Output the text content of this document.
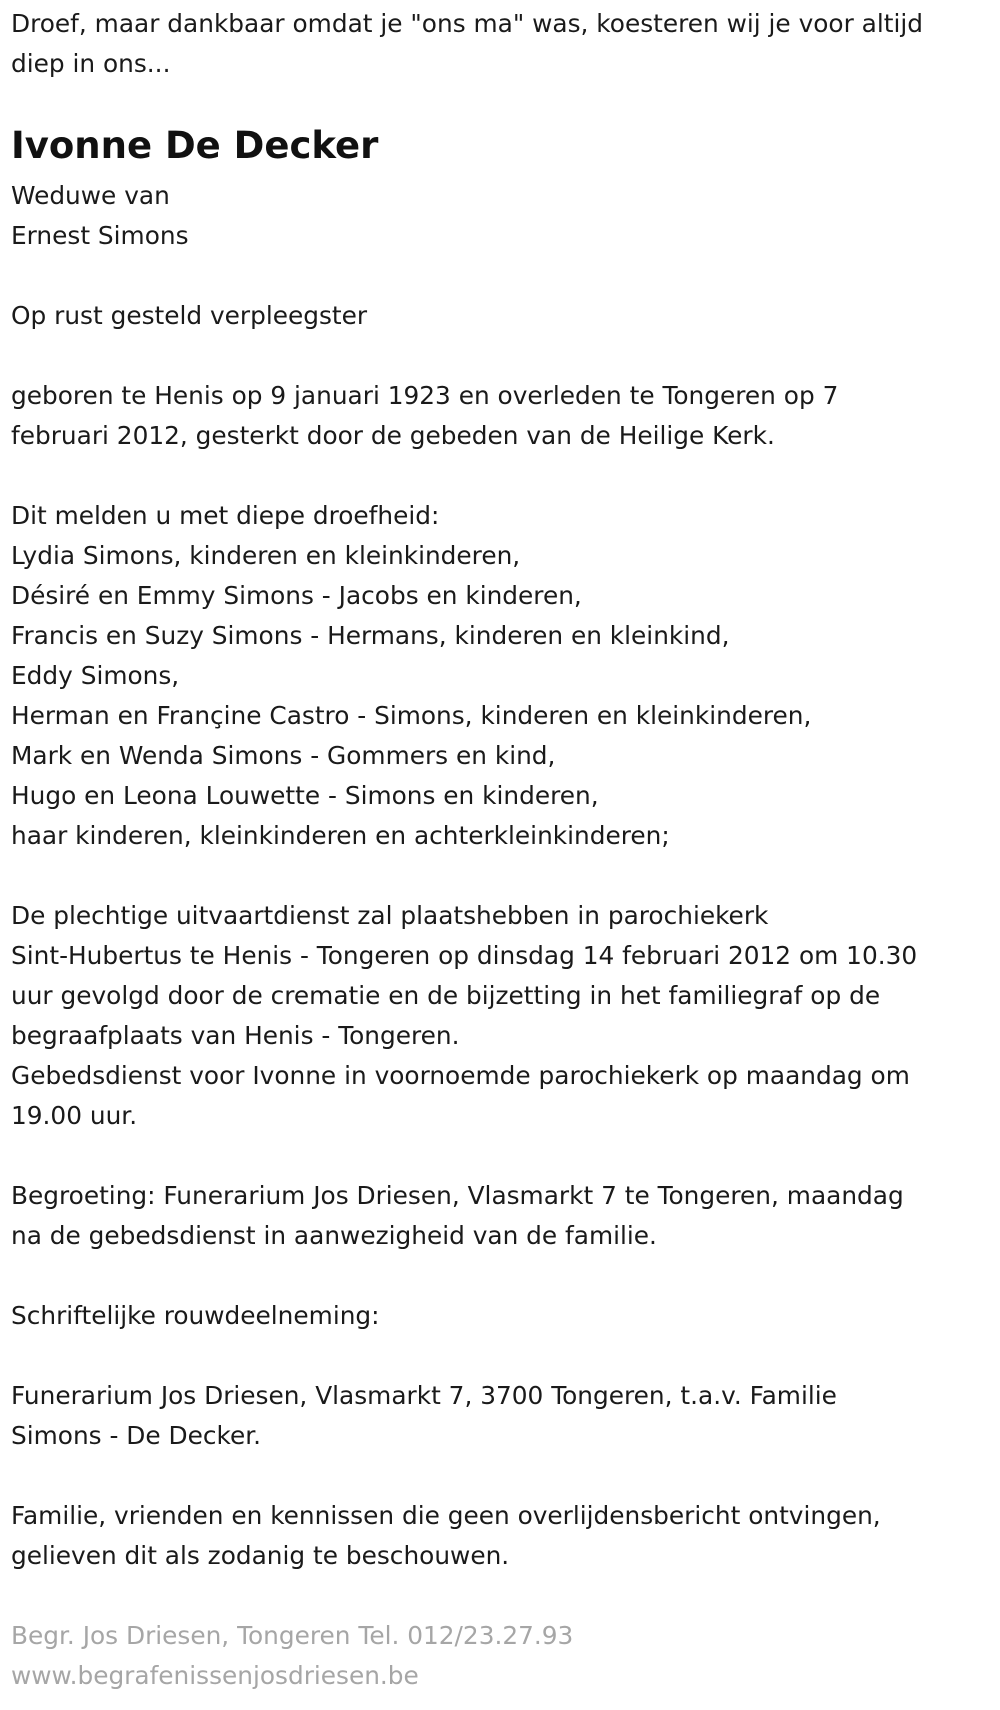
Droef, maar dankbaar omdat je "ons ma" was, koesteren wij je voor altijd
diep in ons...
Ivonne De Decker
Weduwe van
Ernest Simons
Op rust gesteld verpleegster
geboren te Henis op 9 januari 1923 en overleden te Tongeren op 7
februari 2012, gesterkt door de gebeden van de Heilige Kerk.
Dit melden u met diepe droefheid:
Lydia Simons, kinderen en kleinkinderen,
Désiré en Emmy Simons - Jacobs en kinderen,
Francis en Suzy Simons - Hermans, kinderen en kleinkind,
Eddy Simons,
Herman en Françine Castro - Simons, kinderen en kleinkinderen,
Mark en Wenda Simons - Gommers en kind,
Hugo en Leona Louwette - Simons en kinderen,
haar kinderen, kleinkinderen en achterkleinkinderen;
De plechtige uitvaartdienst zal plaatshebben in parochiekerk
Sint-Hubertus te Henis - Tongeren op dinsdag 14 februari 2012 om 10.30
uur gevolgd door de crematie en de bijzetting in het familiegraf op de
begraafplaats van Henis - Tongeren.
Gebedsdienst voor Ivonne in voornoemde parochiekerk op maandag om
19.00 uur.
Begroeting: Funerarium Jos Driesen, Vlasmarkt 7 te Tongeren, maandag
na de gebedsdienst in aanwezigheid van de familie.
Schriftelijke rouwdeelneming:
Funerarium Jos Driesen, Vlasmarkt 7, 3700 Tongeren, t.a.v. Familie
Simons - De Decker.
Familie, vrienden en kennissen die geen overlijdensbericht ontvingen,
gelieven dit als zodanig te beschouwen.
Begr. Jos Driesen, Tongeren Tel. 012/23.27.93
www.begrafenissenjosdriesen.be
